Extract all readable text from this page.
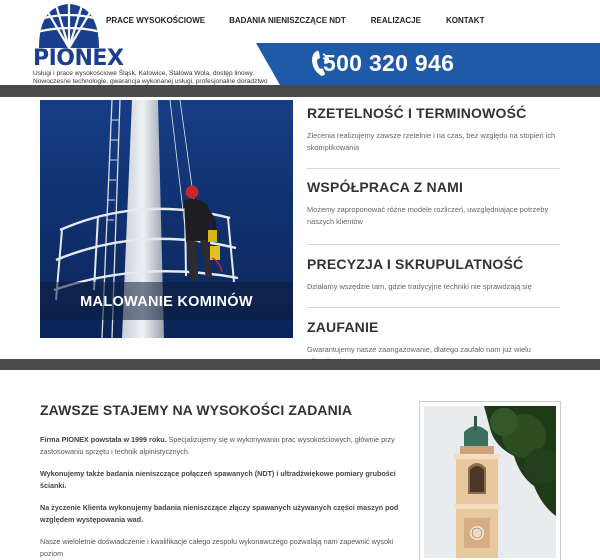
PIONEX
Usługi i prace wysokościowe Śląsk, Katowice, Stalowa Wola, dostęp linowy.
Nowoczesne technologie, gwarancja wykonanej usługi, profesjonalne doradztwo
PRACE WYSOKOŚCIOWE	BADANIA NIENISZCZĄCE NDT	REALIZACJE	KONTAKT
500 320 946
MALOWANIE KOMINÓW
RZETELNOŚĆ I TERMINOWOŚĆ

Zlecenia realizujemy zawsze rzetelnie i na czas, bez względu na stopień ich skomplikowania

WSPÓŁPRACA Z NAMI

Możemy zaproponować różne modele rozliczeń, uwzględniające potrzeby naszych klientów

PRECYZJA I SKRUPULATNOŚĆ

Działamy wszędzie tam, gdzie tradycyjne techniki nie sprawdzają się

ZAUFANIE

Gwarantujemy nasze zaangażowanie, dlatego zaufało nam już wielu

ZAWSZE STAJEMY NA WYSOKOŚCI ZADANIA

Firma PIONEX powstała w 1999 roku. Specjalizujemy się w wykonywaniu prac wysokościowych, głównie przy zastosowaniu sprzętu i technik alpinistycznych.

Wykonujemy także badania nieniszczące połączeń spawanych (NDT) i ultradźwiękowe pomiary grubości ścianki.

Na życzenie Klienta wykonujemy badania nieniszczące złączy spawanych używanych części maszyn pod względem występowania wad.

Nasze wieloletnie doświadczenie i kwalifikacje całego zespołu wykonawczego pozwalają nam zapewnić wysoki poziom
